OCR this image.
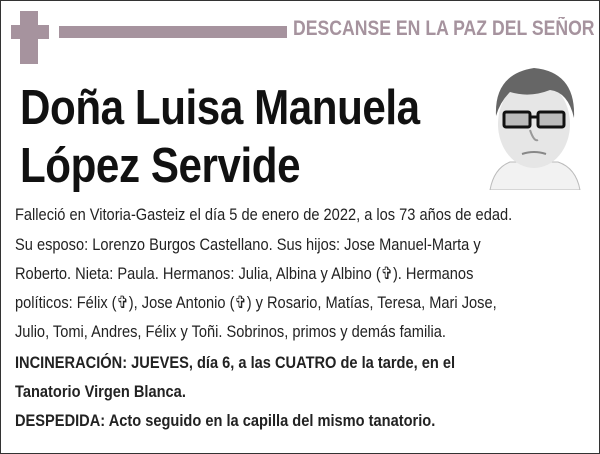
DESCANSE EN LA PAZ DEL SEÑOR
Doña Luisa Manuela
López Servide
Falleció en Vitoria-Gasteiz el día 5 de enero de 2022, a los 73 años de edad.
Su esposo: Lorenzo Burgos Castellano. Sus hijos: Jose Manuel-Marta y
Roberto. Nieta: Paula. Hermanos: Julia, Albina y Albino (✞). Hermanos
políticos: Félix (✞), Jose Antonio (✞) y Rosario, Matías, Teresa, Mari Jose,
Julio, Tomi, Andres, Félix y Toñi. Sobrinos, primos y demás familia.
INCINERACIÓN: JUEVES, día 6, a las CUATRO de la tarde, en el
Tanatorio Virgen Blanca.
DESPEDIDA: Acto seguido en la capilla del mismo tanatorio.
